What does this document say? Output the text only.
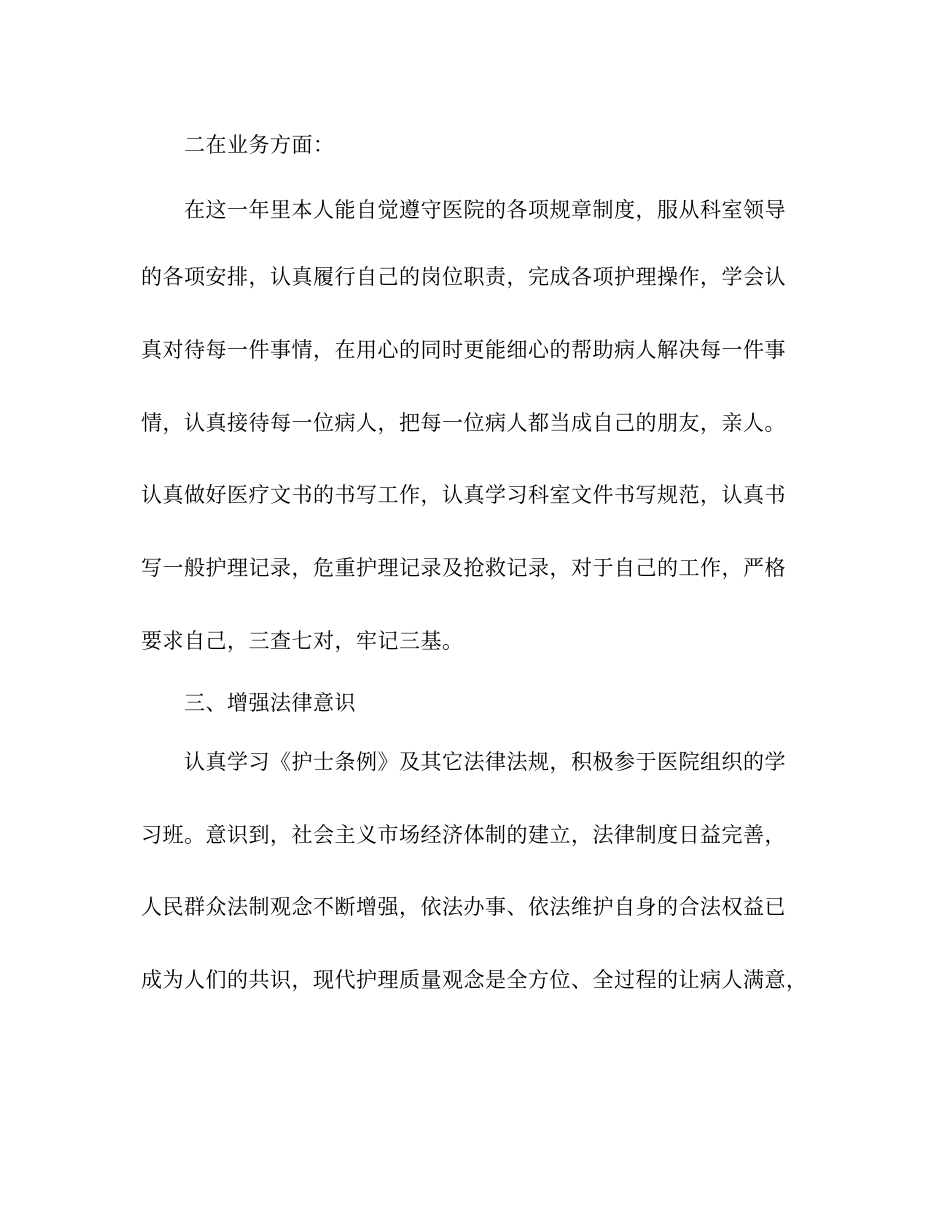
二在业务方面：
在这一年里本人能自觉遵守医院的各项规章制度，服从科室领导
的各项安排，认真履行自己的岗位职责，完成各项护理操作，学会认
真对待每一件事情，在用心的同时更能细心的帮助病人解决每一件事
情，认真接待每一位病人，把每一位病人都当成自己的朋友，亲人。
认真做好医疗文书的书写工作，认真学习科室文件书写规范，认真书
写一般护理记录，危重护理记录及抢救记录，对于自己的工作，严格
要求自己，三查七对，牢记三基。
三、增强法律意识
认真学习《护士条例》及其它法律法规，积极参于医院组织的学
习班。意识到，社会主义市场经济体制的建立，法律制度日益完善，
人民群众法制观念不断增强，依法办事、依法维护自身的合法权益已
成为人们的共识，现代护理质量观念是全方位、全过程的让病人满意，
